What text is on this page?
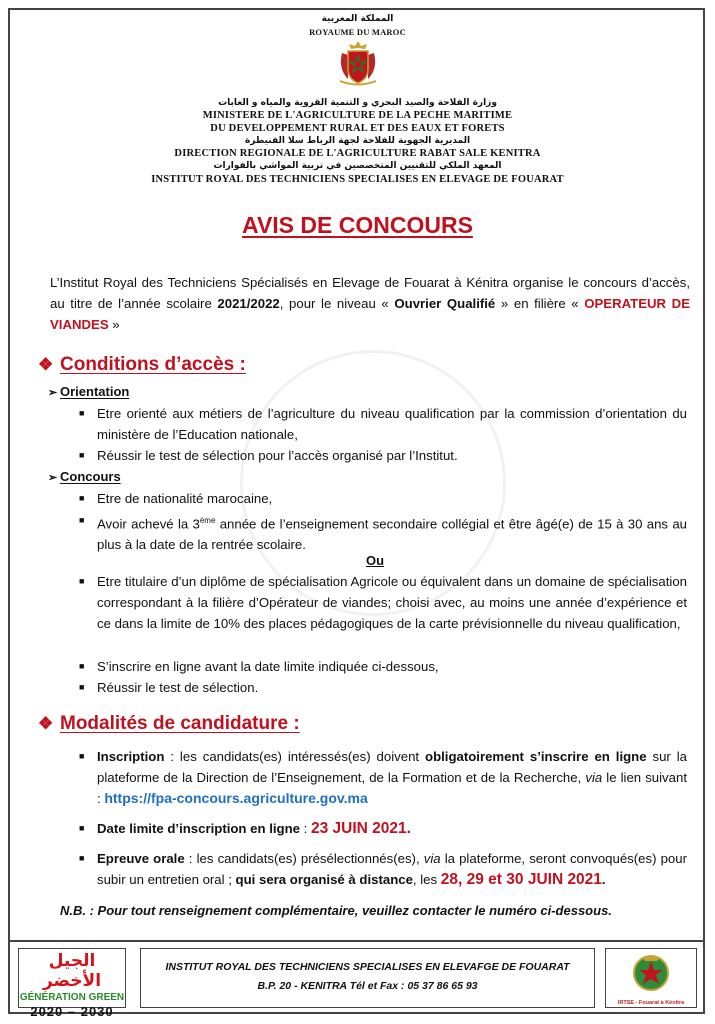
المملكة المغربية
ROYAUME DU MAROC
وزارة الفلاحة والصيد البحري و التنمية القروية والمياه و الغابات
MINISTERE DE L'AGRICULTURE DE LA PECHE MARITIME
DU DEVELOPPEMENT RURAL ET DES EAUX ET FORETS
المديرية الجهوية للفلاحة لجهة الرباط سلا القنيطرة
DIRECTION REGIONALE DE L'AGRICULTURE RABAT SALE KENITRA
المعهد الملكي للتقنيين المتخصصين في تربية المواشي بالفوارات
INSTITUT ROYAL DES TECHNICIENS SPECIALISES EN ELEVAGE DE FOUARAT
AVIS DE CONCOURS
L’Institut Royal des Techniciens Spécialisés en Elevage de Fouarat à Kénitra organise le concours d’accès, au titre de l’année scolaire 2021/2022, pour le niveau « Ouvrier Qualifié » en filière « OPERATEUR DE VIANDES »
❖ Conditions d’accès :
➢ Orientation
■ Etre orienté aux métiers de l’agriculture du niveau qualification par la commission d’orientation du ministère de l’Education nationale,
■ Réussir le test de sélection pour l’accès organisé par l’Institut.
➢ Concours
■ Etre de nationalité marocaine,
■ Avoir achevé la 3ème année de l’enseignement secondaire collégial et être âgé(e) de 15 à 30 ans au plus à la date de la rentrée scolaire.
Ou
■ Etre titulaire d’un diplôme de spécialisation Agricole ou équivalent dans un domaine de spécialisation correspondant à la filière d’Opérateur de viandes; choisi avec, au moins une année d’expérience et ce dans la limite de 10% des places pédagogiques de la carte prévisionnelle du niveau qualification,
■ S’inscrire en ligne avant la date limite indiquée ci-dessous,
■ Réussir le test de sélection.
❖ Modalités de candidature :
■ Inscription : les candidats(es) intéressés(es) doivent obligatoirement s’inscrire en ligne sur la plateforme de la Direction de l’Enseignement, de la Formation et de la Recherche, via le lien suivant : https://fpa-concours.agriculture.gov.ma
■ Date limite d’inscription en ligne : 23 JUIN 2021.
■ Epreuve orale : les candidats(es) présélectionnés(es), via la plateforme, seront convoqués(es) pour subir un entretien oral ; qui sera organisé à distance, les 28, 29 et 30 JUIN 2021.
N.B. : Pour tout renseignement complémentaire, veuillez contacter le numéro ci-dessous.
الجيل الأخضر
GÉNÉRATION GREEN
2020 – 2030
INSTITUT ROYAL DES TECHNICIENS SPECIALISES EN ELEVAFGE DE FOUARAT
B.P. 20 - KENITRA Tél et Fax : 05 37 86 65 93
IRTSE - Fouarat à Kénitra
